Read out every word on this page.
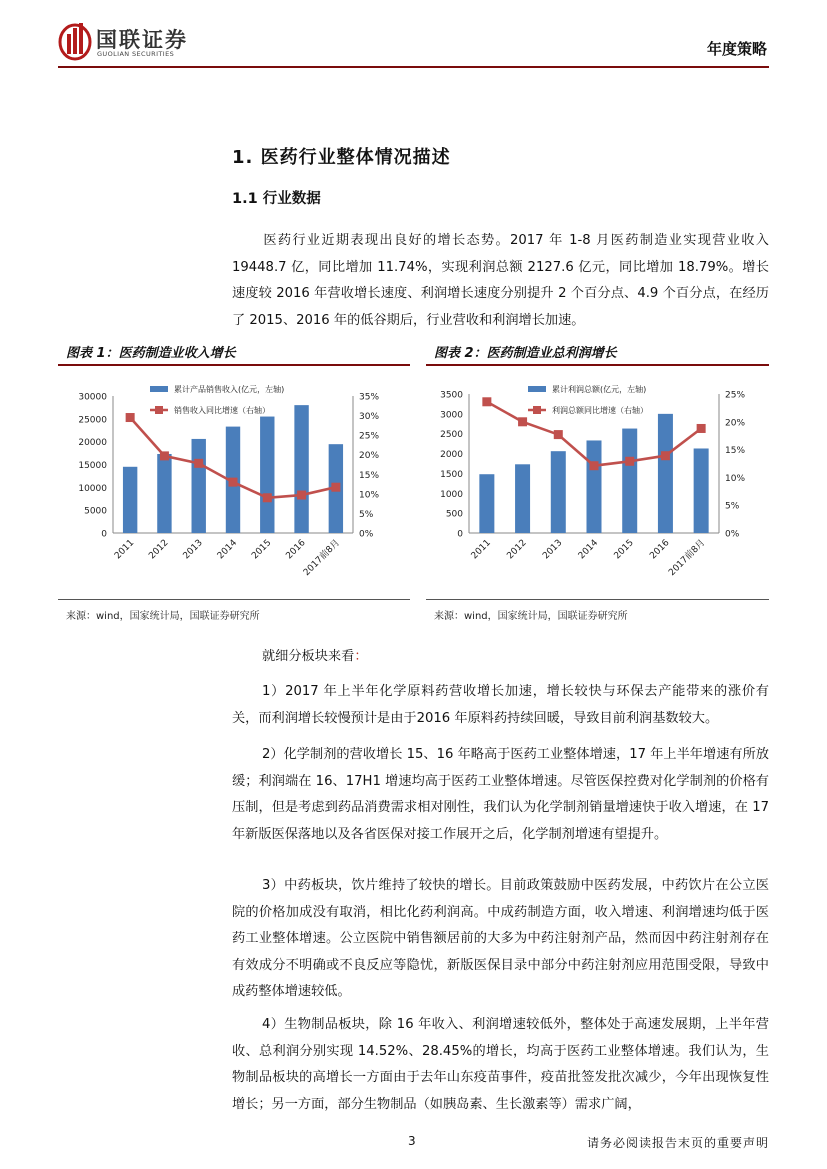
国联证券
GUOLIAN SECURITIES	年度策略
1. 医药行业整体情况描述
1.1 行业数据
医药行业近期表现出良好的增长态势。2017 年 1-8 月医药制造业实现营业收入 19448.7 亿，同比增加 11.74%，实现利润总额 2127.6 亿元，同比增加 18.79%。增长速度较 2016 年营收增长速度、利润增长速度分别提升 2 个百分点、4.9 个百分点，在经历了 2015、2016 年的低谷期后，行业营收和利润增长加速。
图表 1：医药制造业收入增长	图表 2：医药制造业总利润增长
0
5000
10000
15000
20000
25000
30000
0%
5%
10%
15%
20%
25%
30%
35%
2011 2012 2013 2014 2015 2016
2017前8月
累计产品销售收入(亿元，左轴)
销售收入同比增速（右轴）
0
500
1000
1500
2000
2500
3000
3500
0%
5%
10%
15%
20%
25%
2011 2012 2013 2014 2015 2016
2017前8月
累计利润总额(亿元，左轴)
利润总额同比增速（右轴）
来源：wind，国家统计局，国联证券研究所	来源：wind，国家统计局，国联证券研究所
就细分板块来看：
1）2017 年上半年化学原料药营收增长加速，增长较快与环保去产能带来的涨价有关，而利润增长较慢预计是由于2016 年原料药持续回暖，导致目前利润基数较大。
2）化学制剂的营收增长 15、16 年略高于医药工业整体增速，17 年上半年增速有所放缓；利润端在 16、17H1 增速均高于医药工业整体增速。尽管医保控费对化学制剂的价格有压制，但是考虑到药品消费需求相对刚性，我们认为化学制剂销量增速快于收入增速，在 17 年新版医保落地以及各省医保对接工作展开之后，化学制剂增速有望提升。
3）中药板块，饮片维持了较快的增长。目前政策鼓励中医药发展，中药饮片在公立医院的价格加成没有取消，相比化药利润高。中成药制造方面，收入增速、利润增速均低于医药工业整体增速。公立医院中销售额居前的大多为中药注射剂产品，然而因中药注射剂存在有效成分不明确或不良反应等隐忧，新版医保目录中部分中药注射剂应用范围受限，导致中成药整体增速较低。
4）生物制品板块，除 16 年收入、利润增速较低外，整体处于高速发展期，上半年营收、总利润分别实现 14.52%、28.45%的增长，均高于医药工业整体增速。我们认为，生物制品板块的高增长一方面由于去年山东疫苗事件，疫苗批签发批次减少，今年出现恢复性增长；另一方面，部分生物制品（如胰岛素、生长激素等）需求广阔，
3	请务必阅读报告末页的重要声明
